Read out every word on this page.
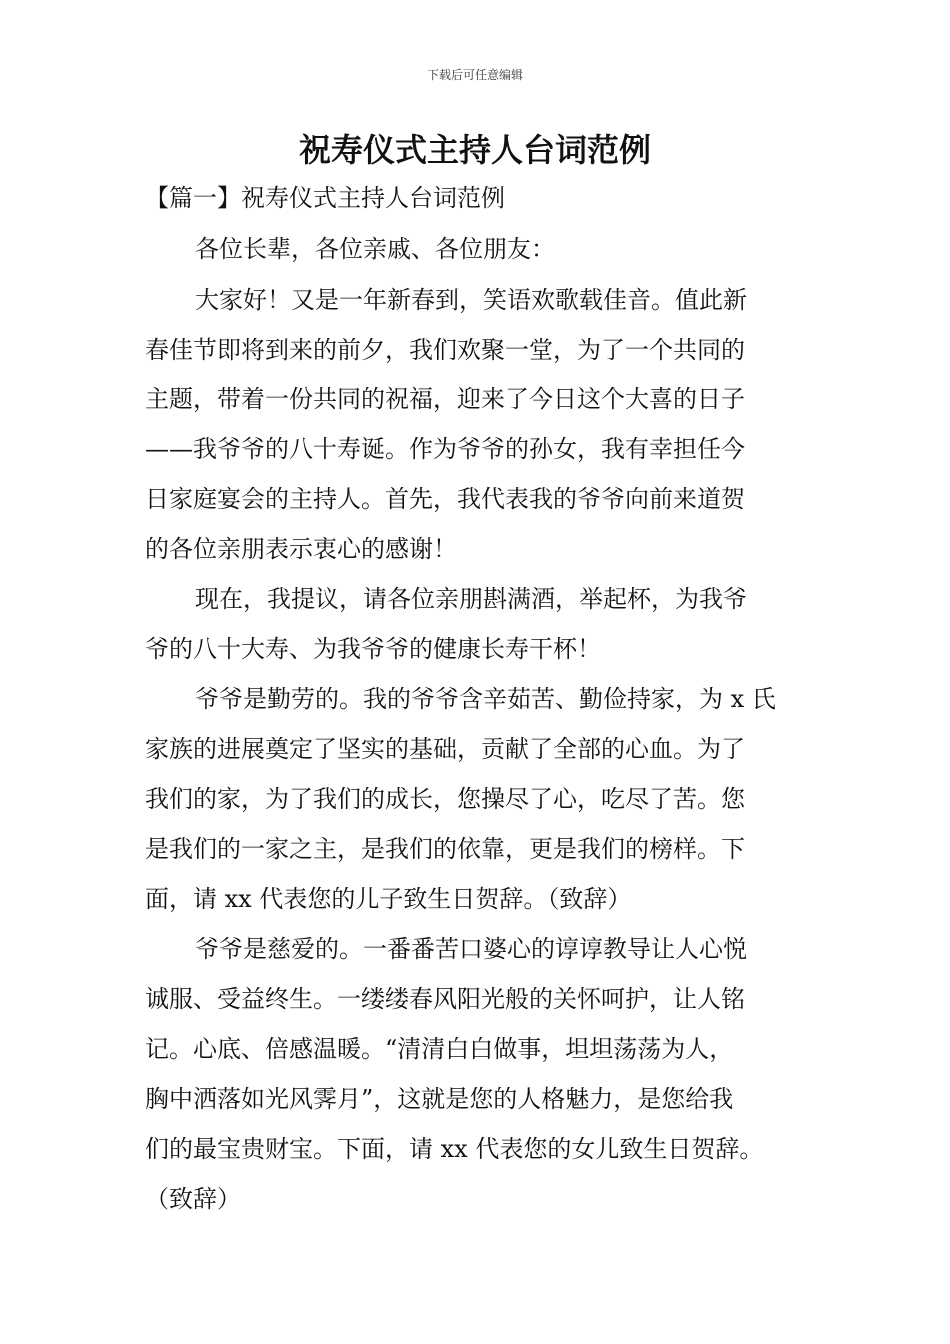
下载后可任意编辑
祝寿仪式主持人台词范例
【篇一】祝寿仪式主持人台词范例
各位长辈，各位亲戚、各位朋友：
大家好！又是一年新春到，笑语欢歌载佳音。值此新
春佳节即将到来的前夕，我们欢聚一堂，为了一个共同的
主题，带着一份共同的祝福，迎来了今日这个大喜的日子
——我爷爷的八十寿诞。作为爷爷的孙女，我有幸担任今
日家庭宴会的主持人。首先，我代表我的爷爷向前来道贺
的各位亲朋表示衷心的感谢！
现在，我提议，请各位亲朋斟满酒，举起杯，为我爷
爷的八十大寿、为我爷爷的健康长寿干杯！
爷爷是勤劳的。我的爷爷含辛茹苦、勤俭持家，为 x 氏
家族的进展奠定了坚实的基础，贡献了全部的心血。为了
我们的家，为了我们的成长，您操尽了心，吃尽了苦。您
是我们的一家之主，是我们的依靠，更是我们的榜样。下
面，请 xx 代表您的儿子致生日贺辞。（致辞）
爷爷是慈爱的。一番番苦口婆心的谆谆教导让人心悦
诚服、受益终生。一缕缕春风阳光般的关怀呵护，让人铭
记。心底、倍感温暖。“清清白白做事，坦坦荡荡为人，
胸中洒落如光风霁月”，这就是您的人格魅力，是您给我
们的最宝贵财宝。下面，请 xx 代表您的女儿致生日贺辞。
（致辞）
